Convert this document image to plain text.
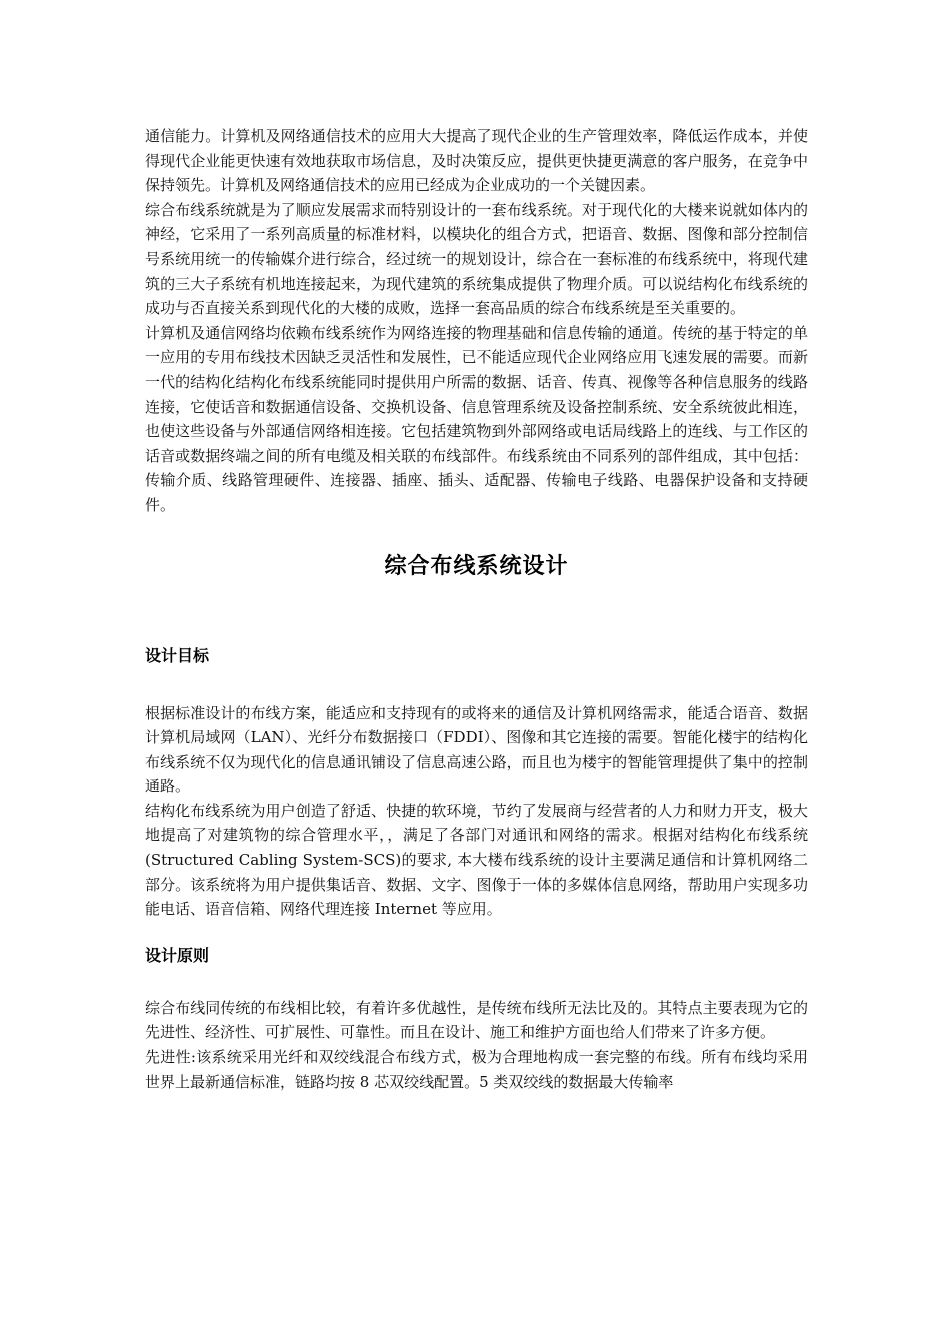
通信能力。计算机及网络通信技术的应用大大提高了现代企业的生产管理效率，降低运作成本，并使得现代企业能更快速有效地获取市场信息，及时决策反应，提供更快捷更满意的客户服务，在竞争中保持领先。计算机及网络通信技术的应用已经成为企业成功的一个关键因素。

综合布线系统就是为了顺应发展需求而特别设计的一套布线系统。对于现代化的大楼来说就如体内的神经，它采用了一系列高质量的标准材料，以模块化的组合方式，把语音、数据、图像和部分控制信号系统用统一的传输媒介进行综合，经过统一的规划设计，综合在一套标准的布线系统中，将现代建筑的三大子系统有机地连接起来，为现代建筑的系统集成提供了物理介质。可以说结构化布线系统的成功与否直接关系到现代化的大楼的成败，选择一套高品质的综合布线系统是至关重要的。

计算机及通信网络均依赖布线系统作为网络连接的物理基础和信息传输的通道。传统的基于特定的单一应用的专用布线技术因缺乏灵活性和发展性，已不能适应现代企业网络应用飞速发展的需要。而新一代的结构化结构化布线系统能同时提供用户所需的数据、话音、传真、视像等各种信息服务的线路连接，它使话音和数据通信设备、交换机设备、信息管理系统及设备控制系统、安全系统彼此相连，也使这些设备与外部通信网络相连接。它包括建筑物到外部网络或电话局线路上的连线、与工作区的话音或数据终端之间的所有电缆及相关联的布线部件。布线系统由不同系列的部件组成，其中包括：传输介质、线路管理硬件、连接器、插座、插头、适配器、传输电子线路、电器保护设备和支持硬件。

综合布线系统设计
设计目标

根据标准设计的布线方案，能适应和支持现有的或将来的通信及计算机网络需求，能适合语音、数据计算机局域网（LAN）、光纤分布数据接口（FDDI）、图像和其它连接的需要。智能化楼宇的结构化布线系统不仅为现代化的信息通讯铺设了信息高速公路，而且也为楼宇的智能管理提供了集中的控制通路。

结构化布线系统为用户创造了舒适、快捷的软环境，节约了发展商与经营者的人力和财力开支，极大地提高了对建筑物的综合管理水平，，满足了各部门对通讯和网络的需求。根据对结构化布线系统(Structured Cabling System-SCS)的要求, 本大楼布线系统的设计主要满足通信和计算机网络二部分。该系统将为用户提供集话音、数据、文字、图像于一体的多媒体信息网络，帮助用户实现多功能电话、语音信箱、网络代理连接 Internet 等应用。

设计原则

综合布线同传统的布线相比较，有着许多优越性，是传统布线所无法比及的。其特点主要表现为它的先进性、经济性、可扩展性、可靠性。而且在设计、施工和维护方面也给人们带来了许多方便。

先进性:该系统采用光纤和双绞线混合布线方式，极为合理地构成一套完整的布线。所有布线均采用世界上最新通信标准，链路均按 8 芯双绞线配置。5 类双绞线的数据最大传输率
